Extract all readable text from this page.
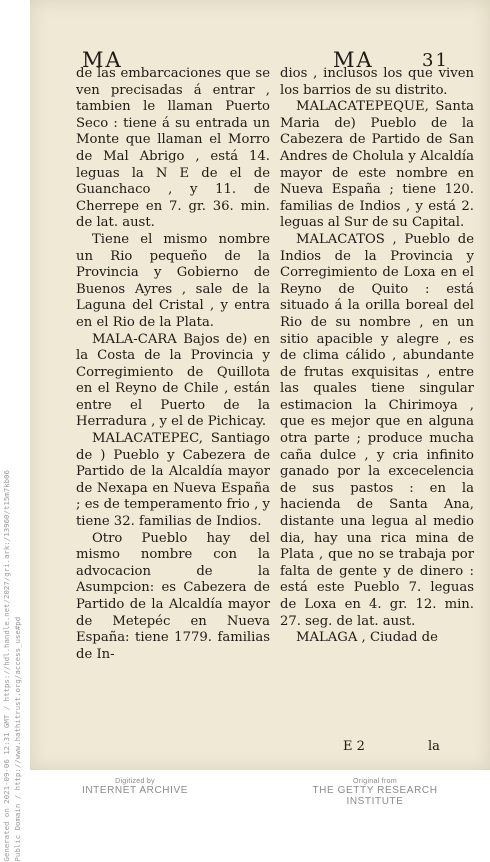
MA	MA	31

de las embarcaciones que se ven precisadas á entrar , tambien le llaman Puerto Seco : tiene á su entrada un Monte que llaman el Morro de Mal Abrigo , está 14. leguas la N E de el de Guanchaco , y 11. de Cherrepe en 7. gr. 36. min. de lat. aust.

Tiene el mismo nombre un Rio pequeño de la Provincia y Gobierno de Buenos Ayres , sale de la Laguna del Cristal , y entra en el Rio de la Plata.

MALA-CARA Bajos de) en la Costa de la Provincia y Corregimiento de Quillota en el Reyno de Chile , están entre el Puerto de la Herradura , y el de Pichicay.

MALACATEPEC, Santiago de ) Pueblo y Cabezera de Partido de la Alcaldía mayor de Nexapa en Nueva España ; es de temperamento frio , y tiene 32. familias de Indios.

Otro Pueblo hay del mismo nombre con la advocacion de la Asumpcion: es Cabezera de Partido de la Alcaldía mayor de Metepéc en Nueva España: tiene 1779. familias de In-

dios , inclusos los que viven los barrios de su distrito.

MALACATEPEQUE, Santa Maria de) Pueblo de la Cabezera de Partido de San Andres de Cholula y Alcaldía mayor de este nombre en Nueva España ; tiene 120. familias de Indios , y está 2. leguas al Sur de su Capital.

MALACATOS , Pueblo de Indios de la Provincia y Corregimiento de Loxa en el Reyno de Quito : está situado á la orilla boreal del Rio de su nombre , en un sitio apacible y alegre , es de clima cálido , abundante de frutas exquisitas , entre las quales tiene singular estimacion la Chirimoya , que es mejor que en alguna otra parte ; produce mucha caña dulce , y cria infinito ganado por la excecelencia de sus pastos : en la hacienda de Santa Ana, distante una legua al medio dia, hay una rica mina de Plata , que no se trabaja por falta de gente y de dinero : está este Pueblo 7. leguas de Loxa en 4. gr. 12. min. 27. seg. de lat. aust.

MALAGA , Ciudad de

E 2	la
Generated on 2021-09-06 12:31 GMT / https://hdl.handle.net/2027/gri.ark:/13960/t15m7kb06 Public Domain / http://www.hathitrust.org/access_use#pd	Digitized by
INTERNET ARCHIVE
Original from
THE GETTY RESEARCH INSTITUTE
